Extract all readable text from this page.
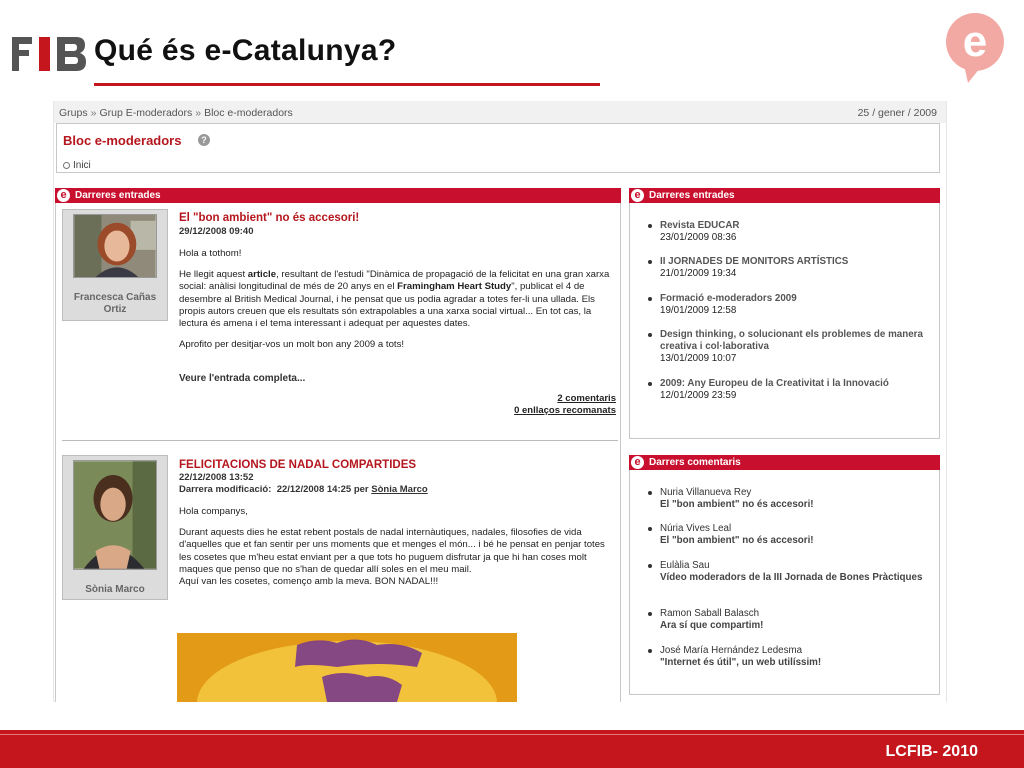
Qué és e-Catalunya?	e
Grups » Grup E-moderadors » Bloc e-moderadors	25 / gener / 2009
Bloc e-moderadors	?
Inici
e Darreres entrades
Francesca Cañas Ortiz
El "bon ambient" no és accesori!
29/12/2008 09:40

Hola a tothom!

He llegit aquest article, resultant de l'estudi "Dinàmica de propagació de la felicitat en una gran xarxa social: anàlisi longitudinal de més de 20 anys en el Framingham Heart Study", publicat el 4 de desembre al British Medical Journal, i he pensat que us podia agradar a totes fer-li una ullada. Els propis autors creuen que els resultats són extrapolables a una xarxa social virtual... En tot cas, la lectura és amena i el tema interessant i adequat per aquestes dates.

Aprofito per desitjar-vos un molt bon any 2009 a tots!

Veure l'entrada completa...
2 comentaris
0 enllaços recomanats
Sònia Marco
FELICITACIONS DE NADAL COMPARTIDES
22/12/2008 13:52
Darrera modificació: 22/12/2008 14:25 per Sònia Marco

Hola companys,

Durant aquests dies he estat rebent postals de nadal internàutiques, nadales, filosofies de vida d'aquelles que et fan sentir per uns moments que et menges el món... i bé he pensat en penjar totes les cosetes que m'heu estat enviant per a que tots ho puguem disfrutar ja que hi han coses molt maques que penso que no s'han de quedar allí soles en el meu mail.

Aquí van les cosetes, començo amb la meva. BON NADAL!!!

e Darreres entrades
Revista EDUCAR
23/01/2009 08:36
II JORNADES DE MONITORS ARTÍSTICS
21/01/2009 19:34
Formació e-moderadors 2009
19/01/2009 12:58
Design thinking, o solucionant els problemes de manera creativa i col·laborativa
13/01/2009 10:07
2009: Any Europeu de la Creativitat i la Innovació
12/01/2009 23:59
e Darrers comentaris
Nuria Villanueva Rey
El "bon ambient" no és accesori!
Núria Vives Leal
El "bon ambient" no és accesori!
Eulàlia Sau
Vídeo moderadors de la III Jornada de Bones Pràctiques
Ramon Saball Balasch
Ara sí que compartim!
José María Hernández Ledesma
"Internet és útil", un web utilíssim!
LCFIB- 2010
